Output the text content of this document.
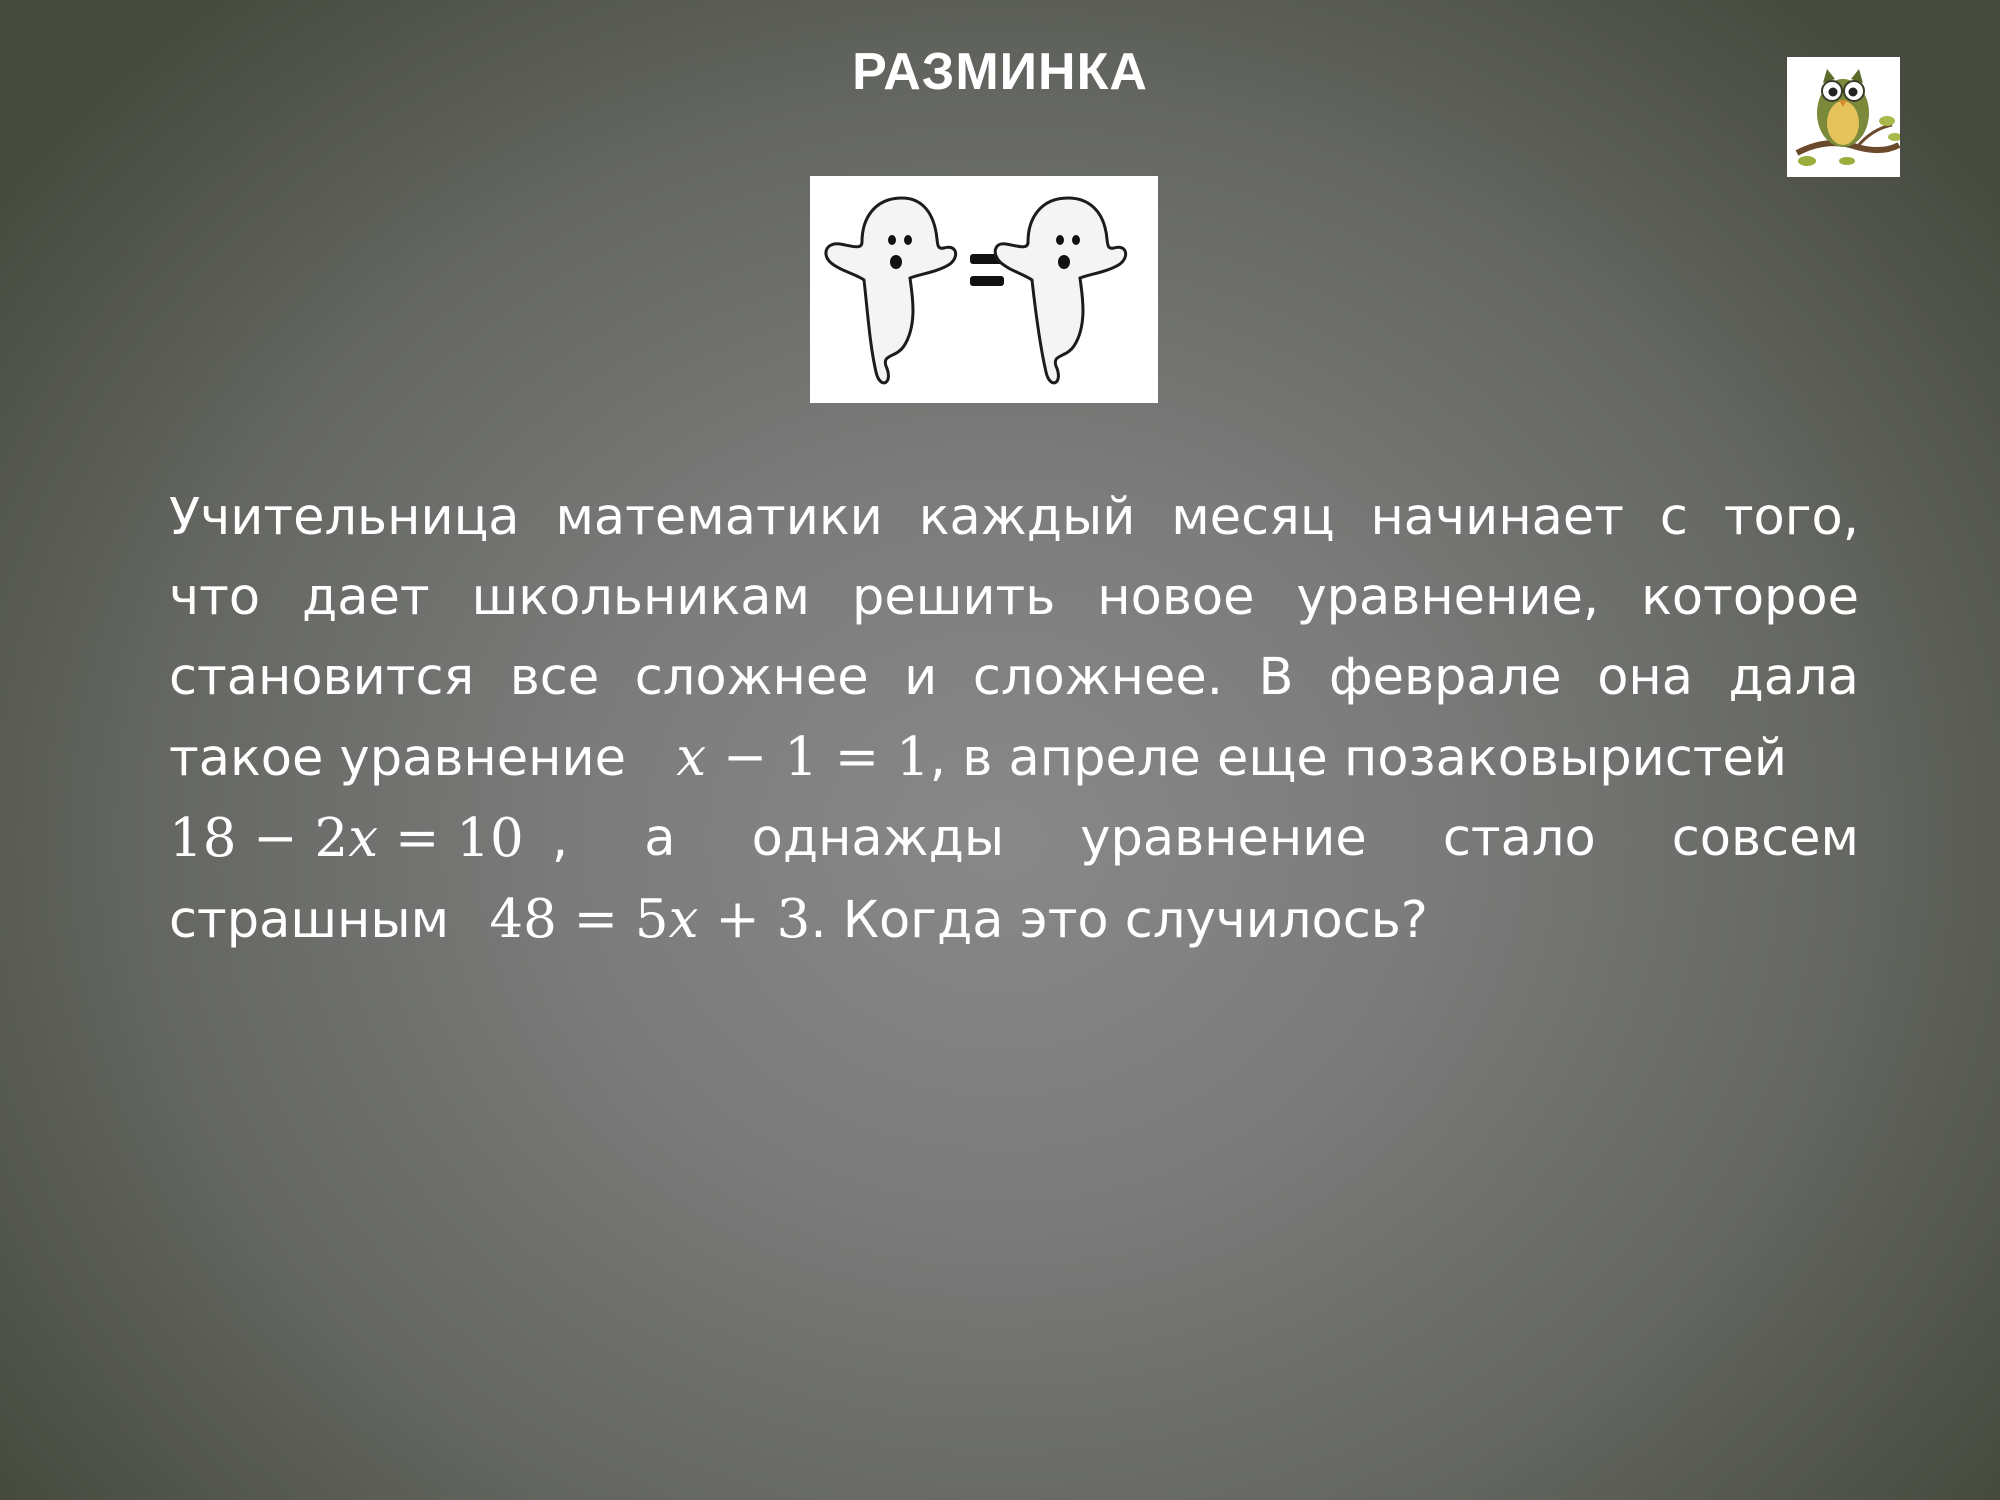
РАЗМИНКА
Учительница математики каждый месяц начинает с того,
что дает школьникам решить новое уравнение, которое
становится все сложнее и сложнее. В феврале она дала
такое уравнение x − 1 = 1, в апреле еще позаковыристей
18 − 2x = 10 , а однажды уравнение стало совсем
страшным 48 = 5x + 3. Когда это случилось?
